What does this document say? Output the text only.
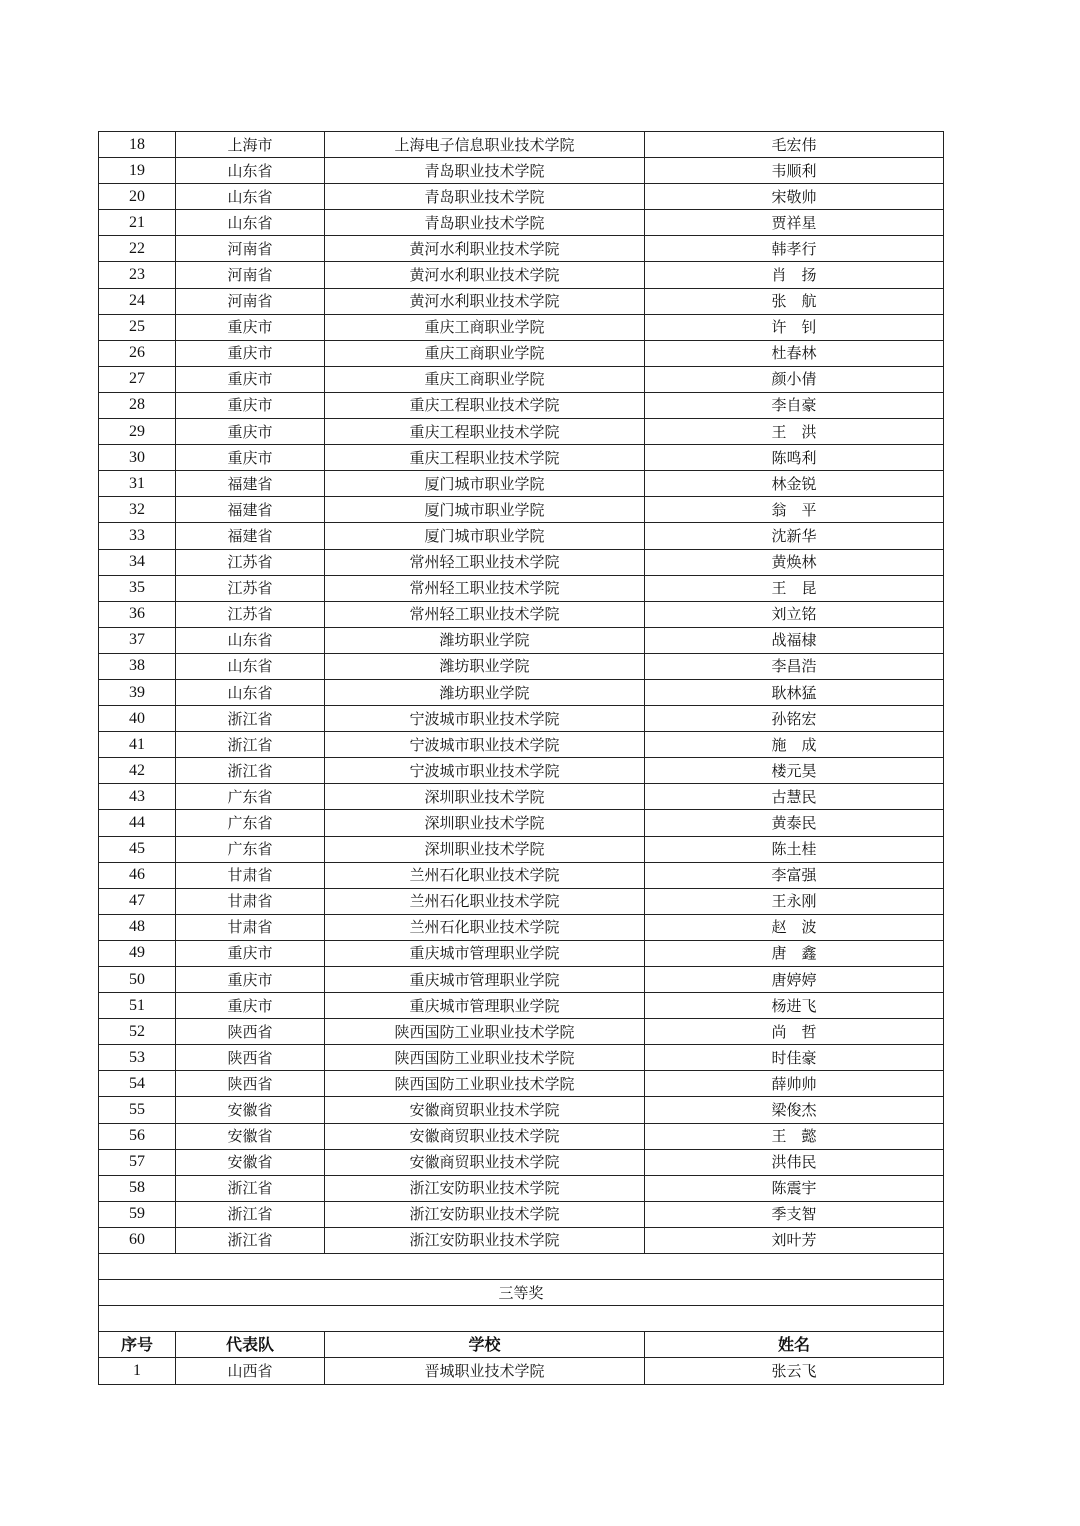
18	上海市	上海电子信息职业技术学院	毛宏伟
19	山东省	青岛职业技术学院	韦顺利
20	山东省	青岛职业技术学院	宋敬帅
21	山东省	青岛职业技术学院	贾祥星
22	河南省	黄河水利职业技术学院	韩孝行
23	河南省	黄河水利职业技术学院	肖　扬
24	河南省	黄河水利职业技术学院	张　航
25	重庆市	重庆工商职业学院	许　钊
26	重庆市	重庆工商职业学院	杜春林
27	重庆市	重庆工商职业学院	颜小倩
28	重庆市	重庆工程职业技术学院	李自豪
29	重庆市	重庆工程职业技术学院	王　洪
30	重庆市	重庆工程职业技术学院	陈鸣利
31	福建省	厦门城市职业学院	林金锐
32	福建省	厦门城市职业学院	翁　平
33	福建省	厦门城市职业学院	沈新华
34	江苏省	常州轻工职业技术学院	黄焕林
35	江苏省	常州轻工职业技术学院	王　昆
36	江苏省	常州轻工职业技术学院	刘立铭
37	山东省	潍坊职业学院	战福棣
38	山东省	潍坊职业学院	李昌浩
39	山东省	潍坊职业学院	耿林猛
40	浙江省	宁波城市职业技术学院	孙铭宏
41	浙江省	宁波城市职业技术学院	施　成
42	浙江省	宁波城市职业技术学院	楼元昊
43	广东省	深圳职业技术学院	古慧民
44	广东省	深圳职业技术学院	黄泰民
45	广东省	深圳职业技术学院	陈土桂
46	甘肃省	兰州石化职业技术学院	李富强
47	甘肃省	兰州石化职业技术学院	王永刚
48	甘肃省	兰州石化职业技术学院	赵　波
49	重庆市	重庆城市管理职业学院	唐　鑫
50	重庆市	重庆城市管理职业学院	唐婷婷
51	重庆市	重庆城市管理职业学院	杨进飞
52	陕西省	陕西国防工业职业技术学院	尚　哲
53	陕西省	陕西国防工业职业技术学院	时佳豪
54	陕西省	陕西国防工业职业技术学院	薛帅帅
55	安徽省	安徽商贸职业技术学院	梁俊杰
56	安徽省	安徽商贸职业技术学院	王　懿
57	安徽省	安徽商贸职业技术学院	洪伟民
58	浙江省	浙江安防职业技术学院	陈震宇
59	浙江省	浙江安防职业技术学院	季支智
60	浙江省	浙江安防职业技术学院	刘叶芳

三等奖			

序号	代表队	学校	姓名
1	山西省	晋城职业技术学院	张云飞
